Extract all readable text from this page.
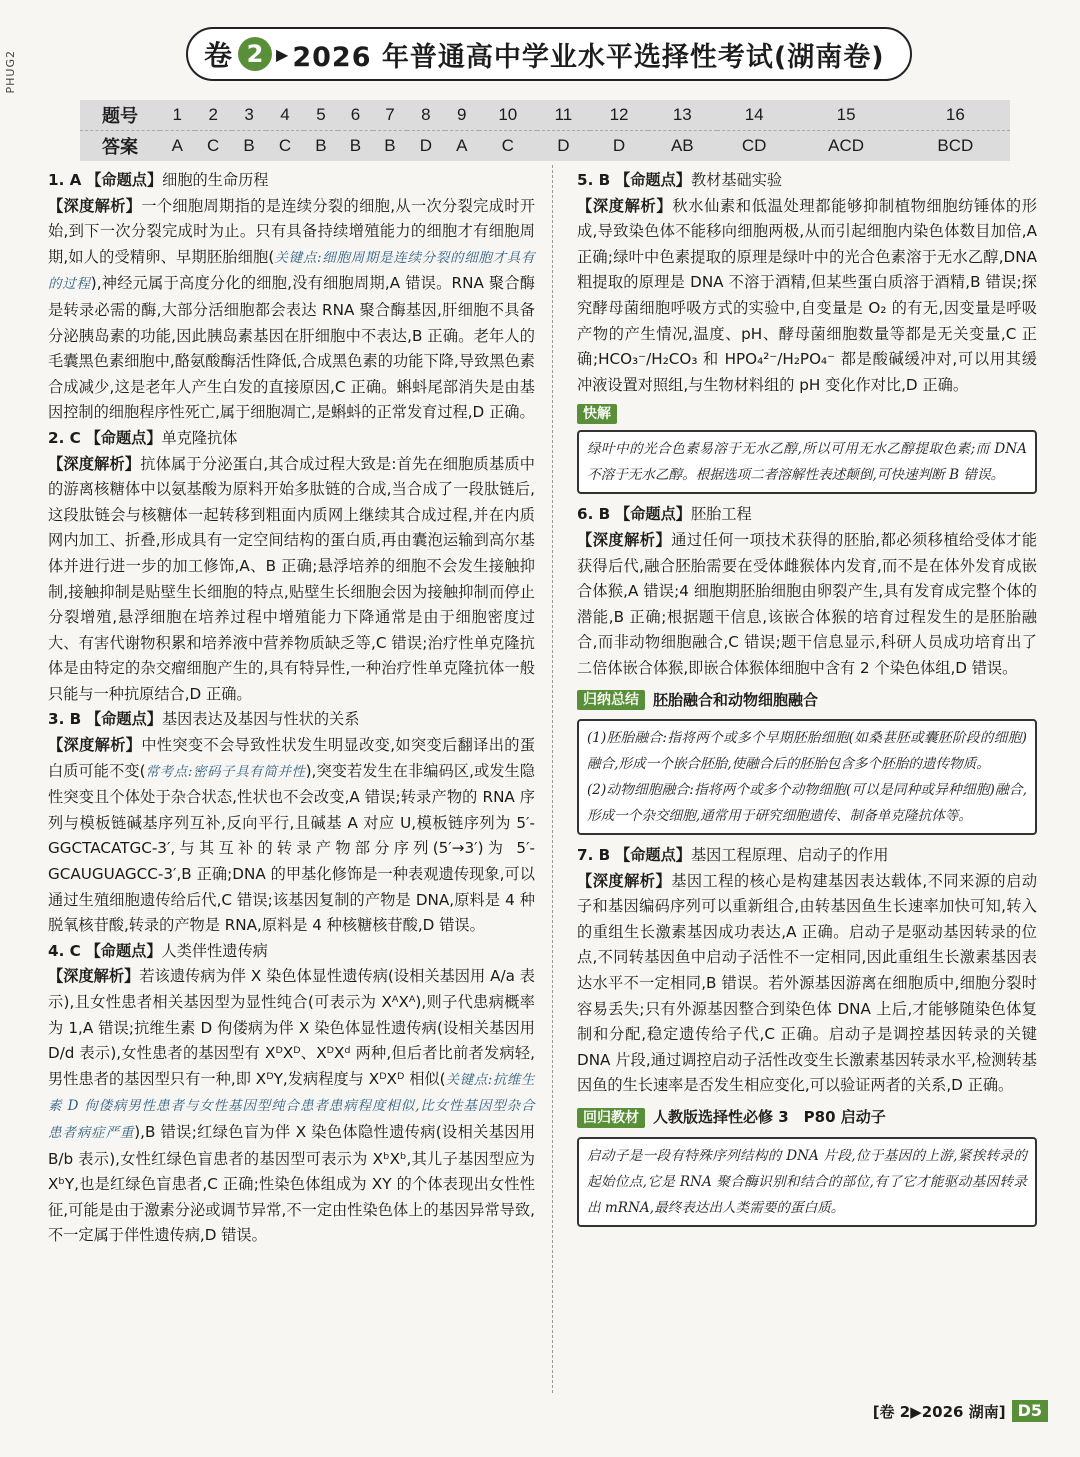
PHUG2	卷 2 ▶ 2026 年普通高中学业水平选择性考试(湖南卷)
题号	1	2	3	4	5	6	7	8	9	10	11	12	13	14	15	16
答案	A	C	B	C	B	B	B	D	A	C	D	D	AB	CD	ACD	BCD
1. A 【命题点】细胞的生命历程

【深度解析】一个细胞周期指的是连续分裂的细胞,从一次分裂完成时开始,到下一次分裂完成时为止。只有具备持续增殖能力的细胞才有细胞周期,如人的受精卵、早期胚胎细胞(关键点:细胞周期是连续分裂的细胞才具有的过程),神经元属于高度分化的细胞,没有细胞周期,A 错误。RNA 聚合酶是转录必需的酶,大部分活细胞都会表达 RNA 聚合酶基因,肝细胞不具备分泌胰岛素的功能,因此胰岛素基因在肝细胞中不表达,B 正确。老年人的毛囊黑色素细胞中,酪氨酸酶活性降低,合成黑色素的功能下降,导致黑色素合成减少,这是老年人产生白发的直接原因,C 正确。蝌蚪尾部消失是由基因控制的细胞程序性死亡,属于细胞凋亡,是蝌蚪的正常发育过程,D 正确。

2. C 【命题点】单克隆抗体

【深度解析】抗体属于分泌蛋白,其合成过程大致是:首先在细胞质基质中的游离核糖体中以氨基酸为原料开始多肽链的合成,当合成了一段肽链后,这段肽链会与核糖体一起转移到粗面内质网上继续其合成过程,并在内质网内加工、折叠,形成具有一定空间结构的蛋白质,再由囊泡运输到高尔基体并进行进一步的加工修饰,A、B 正确;悬浮培养的细胞不会发生接触抑制,接触抑制是贴壁生长细胞的特点,贴壁生长细胞会因为接触抑制而停止分裂增殖,悬浮细胞在培养过程中增殖能力下降通常是由于细胞密度过大、有害代谢物积累和培养液中营养物质缺乏等,C 错误;治疗性单克隆抗体是由特定的杂交瘤细胞产生的,具有特异性,一种治疗性单克隆抗体一般只能与一种抗原结合,D 正确。

3. B 【命题点】基因表达及基因与性状的关系

【深度解析】中性突变不会导致性状发生明显改变,如突变后翻译出的蛋白质可能不变(常考点:密码子具有简并性),突变若发生在非编码区,或发生隐性突变且个体处于杂合状态,性状也不会改变,A 错误;转录产物的 RNA 序列与模板链碱基序列互补,反向平行,且碱基 A 对应 U,模板链序列为 5′-GGCTACATGC-3′,与其互补的转录产物部分序列(5′→3′)为 5′-GCAUGUAGCC-3′,B 正确;DNA 的甲基化修饰是一种表观遗传现象,可以通过生殖细胞遗传给后代,C 错误;该基因复制的产物是 DNA,原料是 4 种脱氧核苷酸,转录的产物是 RNA,原料是 4 种核糖核苷酸,D 错误。

4. C 【命题点】人类伴性遗传病

【深度解析】若该遗传病为伴 X 染色体显性遗传病(设相关基因用 A/a 表示),且女性患者相关基因型为显性纯合(可表示为 XᴬXᴬ),则子代患病概率为 1,A 错误;抗维生素 D 佝偻病为伴 X 染色体显性遗传病(设相关基因用 D/d 表示),女性患者的基因型有 XᴰXᴰ、XᴰXᵈ 两种,但后者比前者发病轻,男性患者的基因型只有一种,即 XᴰY,发病程度与 XᴰXᴰ 相似(关键点:抗维生素 D 佝偻病男性患者与女性基因型纯合患者患病程度相似,比女性基因型杂合患者病症严重),B 错误;红绿色盲为伴 X 染色体隐性遗传病(设相关基因用 B/b 表示),女性红绿色盲患者的基因型可表示为 XᵇXᵇ,其儿子基因型应为 XᵇY,也是红绿色盲患者,C 正确;性染色体组成为 XY 的个体表现出女性性征,可能是由于激素分泌或调节异常,不一定由性染色体上的基因异常导致,不一定属于伴性遗传病,D 错误。

5. B 【命题点】教材基础实验

【深度解析】秋水仙素和低温处理都能够抑制植物细胞纺锤体的形成,导致染色体不能移向细胞两极,从而引起细胞内染色体数目加倍,A 正确;绿叶中色素提取的原理是绿叶中的光合色素溶于无水乙醇,DNA 粗提取的原理是 DNA 不溶于酒精,但某些蛋白质溶于酒精,B 错误;探究酵母菌细胞呼吸方式的实验中,自变量是 O₂ 的有无,因变量是呼吸产物的产生情况,温度、pH、酵母菌细胞数量等都是无关变量,C 正确;HCO₃⁻/H₂CO₃ 和 HPO₄²⁻/H₂PO₄⁻ 都是酸碱缓冲对,可以用其缓冲液设置对照组,与生物材料组的 pH 变化作对比,D 正确。

快解

绿叶中的光合色素易溶于无水乙醇,所以可用无水乙醇提取色素;而 DNA 不溶于无水乙醇。根据选项二者溶解性表述颠倒,可快速判断 B 错误。

6. B 【命题点】胚胎工程

【深度解析】通过任何一项技术获得的胚胎,都必须移植给受体才能获得后代,融合胚胎需要在受体雌猴体内发育,而不是在体外发育成嵌合体猴,A 错误;4 细胞期胚胎细胞由卵裂产生,具有发育成完整个体的潜能,B 正确;根据题干信息,该嵌合体猴的培育过程发生的是胚胎融合,而非动物细胞融合,C 错误;题干信息显示,科研人员成功培育出了二倍体嵌合体猴,即嵌合体猴体细胞中含有 2 个染色体组,D 错误。

归纳总结 胚胎融合和动物细胞融合

(1)胚胎融合:指将两个或多个早期胚胎细胞(如桑葚胚或囊胚阶段的细胞)融合,形成一个嵌合胚胎,使融合后的胚胎包含多个胚胎的遗传物质。

(2)动物细胞融合:指将两个或多个动物细胞(可以是同种或异种细胞)融合,形成一个杂交细胞,通常用于研究细胞遗传、制备单克隆抗体等。

7. B 【命题点】基因工程原理、启动子的作用

【深度解析】基因工程的核心是构建基因表达载体,不同来源的启动子和基因编码序列可以重新组合,由转基因鱼生长速率加快可知,转入的重组生长激素基因成功表达,A 正确。启动子是驱动基因转录的位点,不同转基因鱼中启动子活性不一定相同,因此重组生长激素基因表达水平不一定相同,B 错误。若外源基因游离在细胞质中,细胞分裂时容易丢失;只有外源基因整合到染色体 DNA 上后,才能够随染色体复制和分配,稳定遗传给子代,C 正确。启动子是调控基因转录的关键 DNA 片段,通过调控启动子活性改变生长激素基因转录水平,检测转基因鱼的生长速率是否发生相应变化,可以验证两者的关系,D 正确。

回归教材 人教版选择性必修 3　P80 启动子

启动子是一段有特殊序列结构的 DNA 片段,位于基因的上游,紧挨转录的起始位点,它是 RNA 聚合酶识别和结合的部位,有了它才能驱动基因转录出 mRNA,最终表达出人类需要的蛋白质。

[卷 2▶2026 湖南] D5
